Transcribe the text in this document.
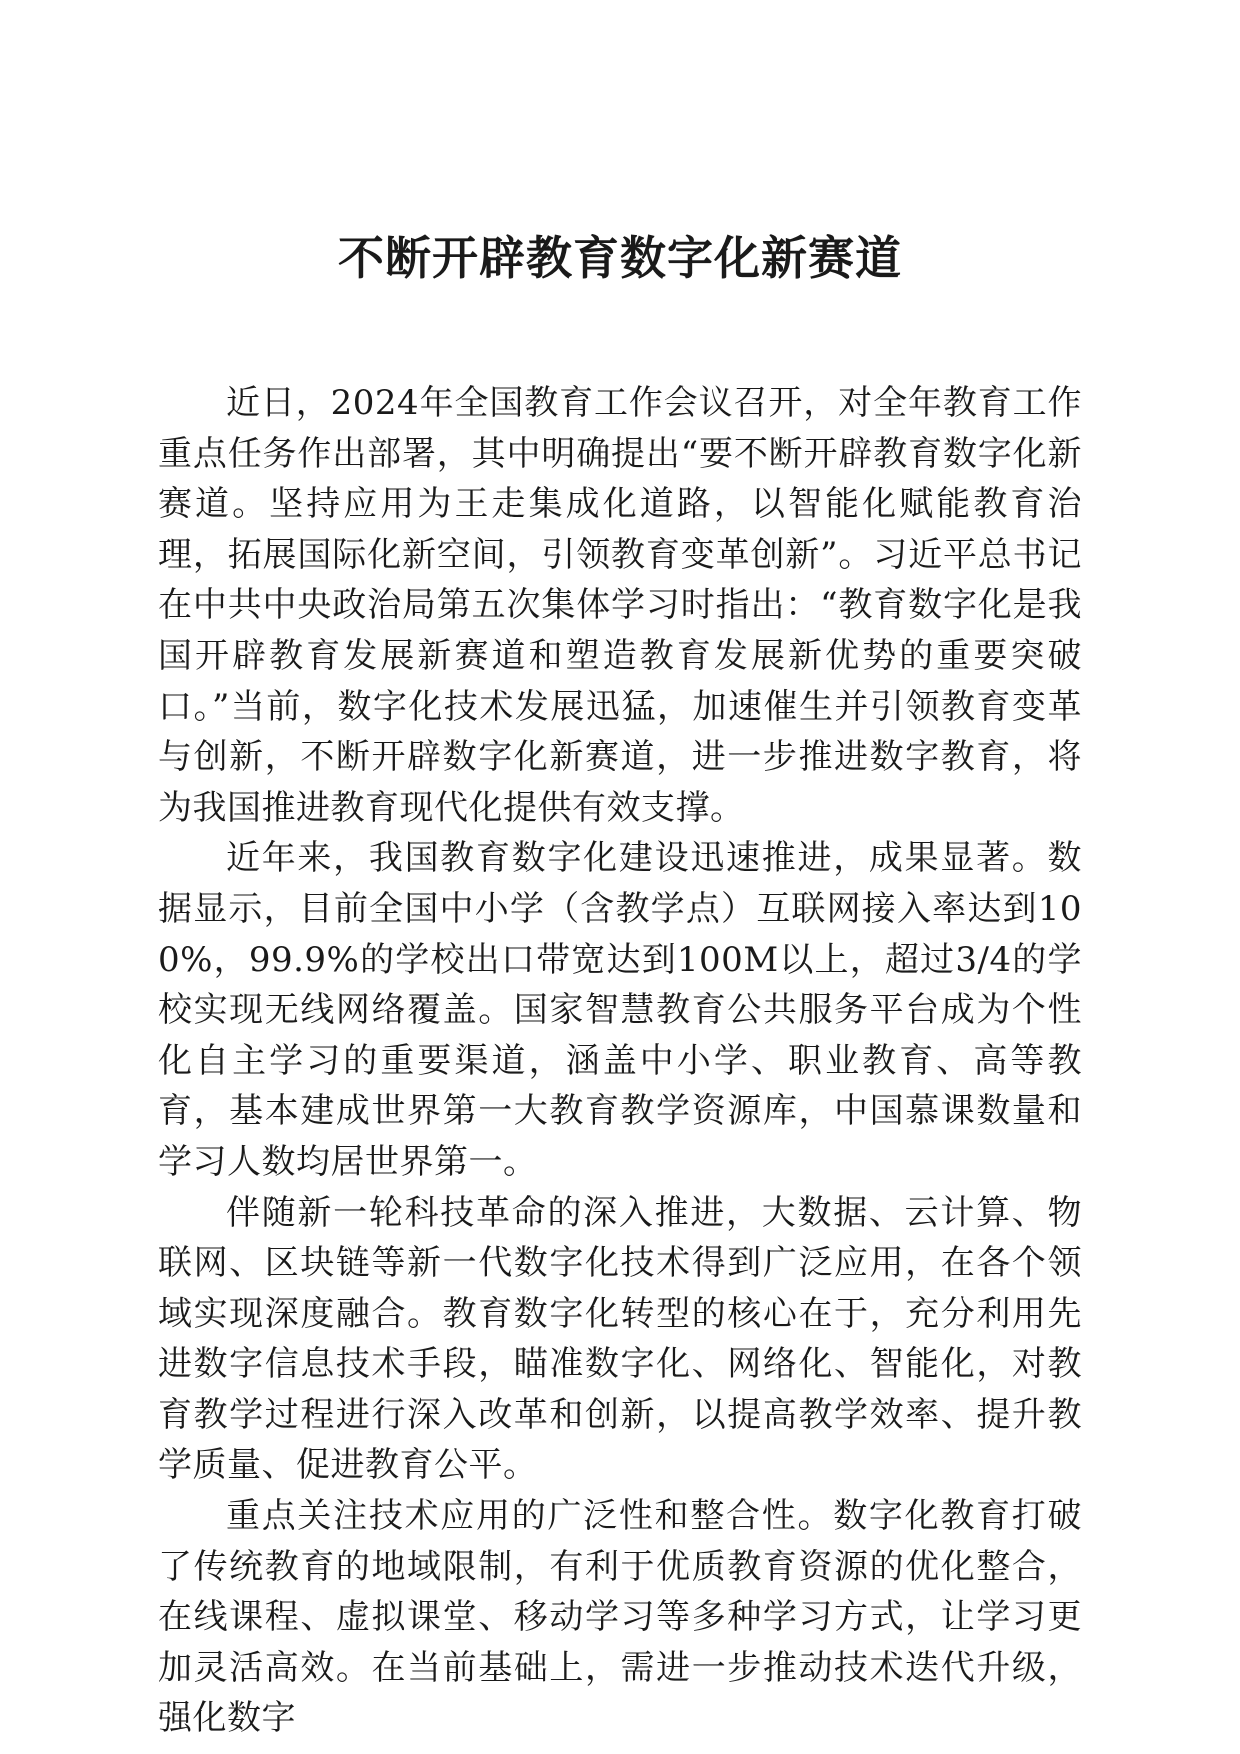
不断开辟教育数字化新赛道

近日，2024年全国教育工作会议召开，对全年教育工作重点任务作出部署，其中明确提出“要不断开辟教育数字化新赛道。坚持应用为王走集成化道路，以智能化赋能教育治理，拓展国际化新空间，引领教育变革创新”。习近平总书记在中共中央政治局第五次集体学习时指出：“教育数字化是我国开辟教育发展新赛道和塑造教育发展新优势的重要突破口。”当前，数字化技术发展迅猛，加速催生并引领教育变革与创新，不断开辟数字化新赛道，进一步推进数字教育，将为我国推进教育现代化提供有效支撑。

近年来，我国教育数字化建设迅速推进，成果显著。数据显示，目前全国中小学（含教学点）互联网接入率达到100%，99.9%的学校出口带宽达到100M以上，超过3/4的学校实现无线网络覆盖。国家智慧教育公共服务平台成为个性化自主学习的重要渠道，涵盖中小学、职业教育、高等教育，基本建成世界第一大教育教学资源库，中国慕课数量和学习人数均居世界第一。

伴随新一轮科技革命的深入推进，大数据、云计算、物联网、区块链等新一代数字化技术得到广泛应用，在各个领域实现深度融合。教育数字化转型的核心在于，充分利用先进数字信息技术手段，瞄准数字化、网络化、智能化，对教育教学过程进行深入改革和创新，以提高教学效率、提升教学质量、促进教育公平。

重点关注技术应用的广泛性和整合性。数字化教育打破了传统教育的地域限制，有利于优质教育资源的优化整合，在线课程、虚拟课堂、移动学习等多种学习方式，让学习更加灵活高效。在当前基础上，需进一步推动技术迭代升级，强化数字
